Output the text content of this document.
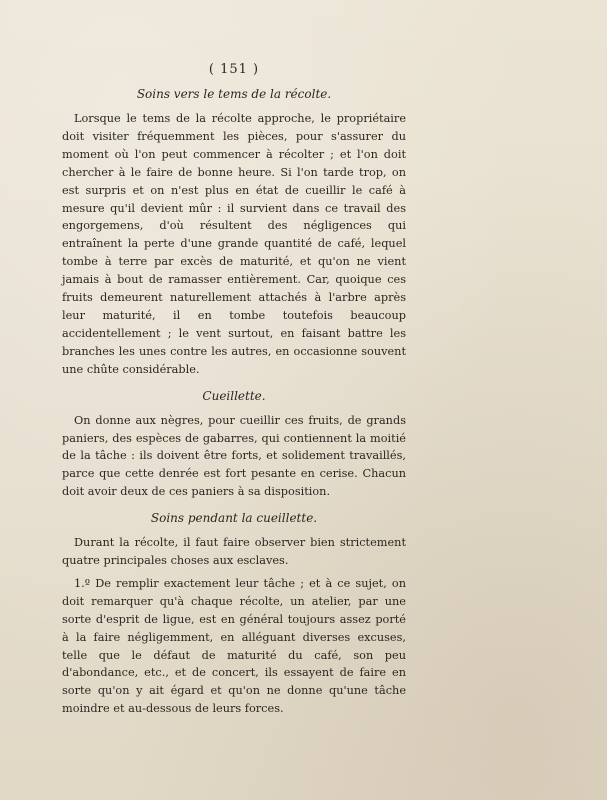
( 151 )
Soins vers le tems de la récolte.

Lorsque le tems de la récolte approche, le propriétaire doit visiter fréquemment les pièces, pour s'assurer du moment où l'on peut commencer à récolter ; et l'on doit chercher à le faire de bonne heure. Si l'on tarde trop, on est surpris et on n'est plus en état de cueillir le café à mesure qu'il devient mûr : il survient dans ce travail des engorgemens, d'où résultent des négligences qui entraînent la perte d'une grande quantité de café, lequel tombe à terre par excès de maturité, et qu'on ne vient jamais à bout de ramasser entièrement. Car, quoique ces fruits demeurent naturellement attachés à l'arbre après leur maturité, il en tombe toutefois beaucoup accidentellement ; le vent surtout, en faisant battre les branches les unes contre les autres, en occasionne souvent une chûte considérable.

Cueillette.

On donne aux nègres, pour cueillir ces fruits, de grands paniers, des espèces de gabarres, qui contiennent la moitié de la tâche : ils doivent être forts, et solidement travaillés, parce que cette denrée est fort pesante en cerise. Chacun doit avoir deux de ces paniers à sa disposition.

Soins pendant la cueillette.

Durant la récolte, il faut faire observer bien strictement quatre principales choses aux esclaves.

1.º De remplir exactement leur tâche ; et à ce sujet, on doit remarquer qu'à chaque récolte, un atelier, par une sorte d'esprit de ligue, est en général toujours assez porté à la faire négligemment, en alléguant diverses excuses, telle que le défaut de maturité du café, son peu d'abondance, etc., et de concert, ils essayent de faire en sorte qu'on y ait égard et qu'on ne donne qu'une tâche moindre et au-dessous de leurs forces.
